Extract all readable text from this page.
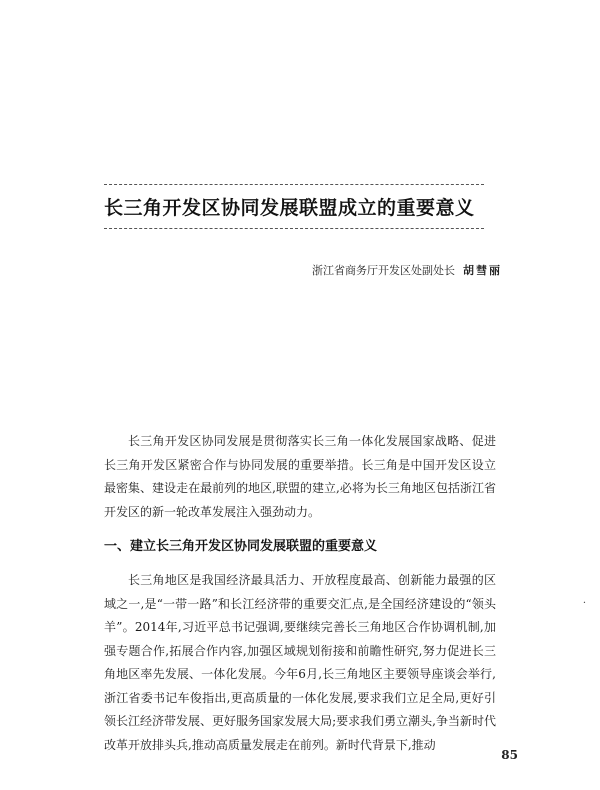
长三角开发区协同发展联盟成立的重要意义
浙江省商务厅开发区处副处长 胡彗丽

长三角开发区协同发展是贯彻落实长三角一体化发展国家战略、促进长三角开发区紧密合作与协同发展的重要举措。长三角是中国开发区设立最密集、建设走在最前列的地区,联盟的建立,必将为长三角地区包括浙江省开发区的新一轮改革发展注入强劲动力。

一、建立长三角开发区协同发展联盟的重要意义

长三角地区是我国经济最具活力、开放程度最高、创新能力最强的区域之一,是“一带一路”和长江经济带的重要交汇点,是全国经济建设的“领头羊”。2014年,习近平总书记强调,要继续完善长三角地区合作协调机制,加强专题合作,拓展合作内容,加强区域规划衔接和前瞻性研究,努力促进长三角地区率先发展、一体化发展。今年6月,长三角地区主要领导座谈会举行,浙江省委书记车俊指出,更高质量的一体化发展,要求我们立足全局,更好引领长江经济带发展、更好服务国家发展大局;要求我们勇立潮头,争当新时代改革开放排头兵,推动高质量发展走在前列。新时代背景下,推动

·
85
